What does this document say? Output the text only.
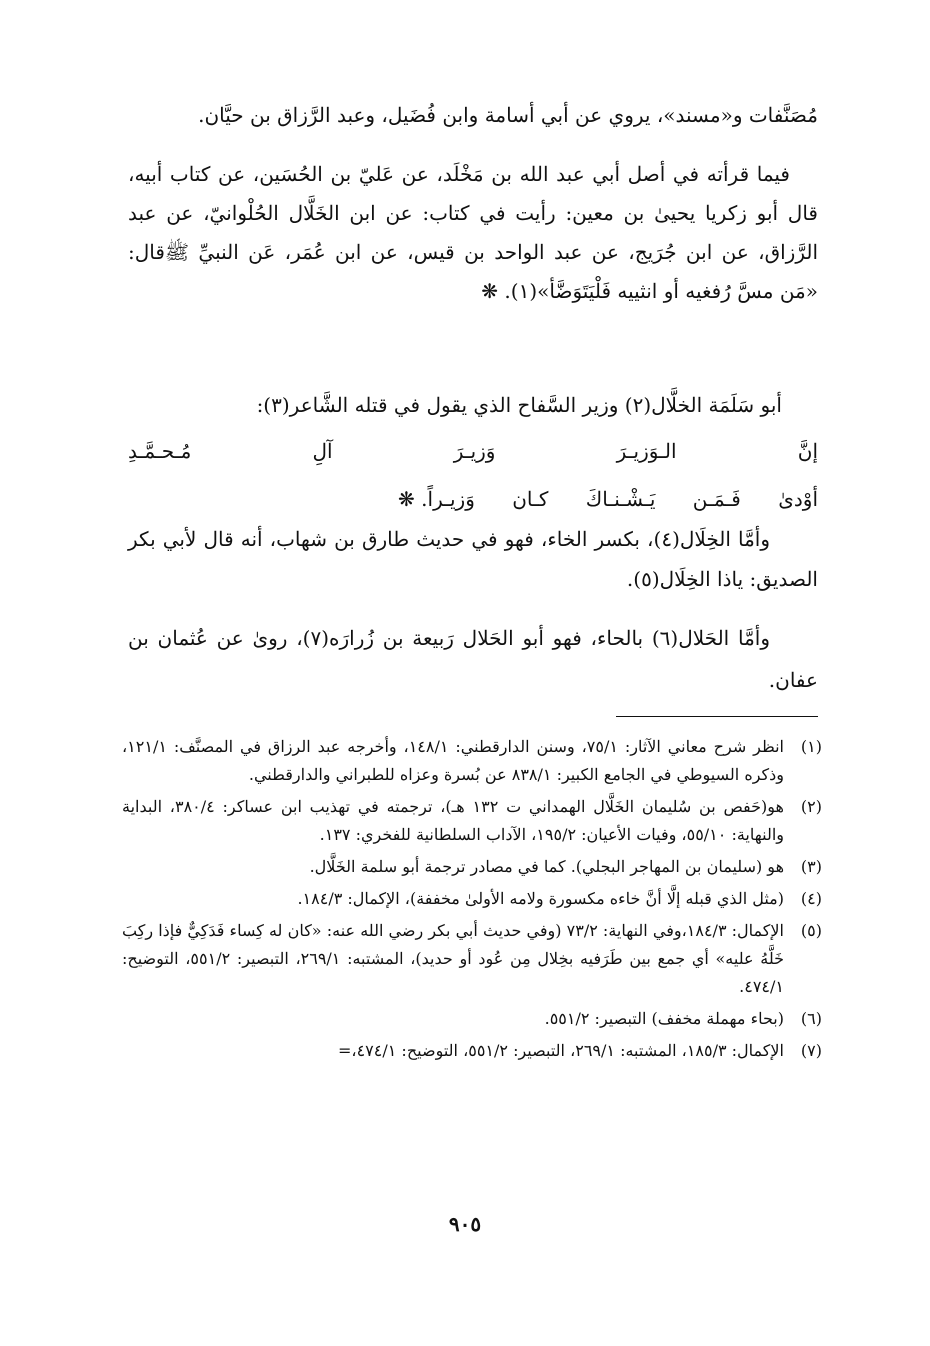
مُصَنَّفات و«مسند»، يروي عن أبي أسامة وابن فُضَيل، وعبد الرَّزاق بن حيَّان.

فيما قرأته في أصل أبي عبد الله بن مَخْلَد، عن عَليّ بن الحُسَين، عن كتاب أبيه، قال أبو زكريا يحيىٰ بن معين: رأيت في كتاب: عن ابن الخَلَّال الحُلْوانيّ، عن عبد الرَّزاق، عن ابن جُرَيج، عن عبد الواحد بن قيس، عن ابن عُمَر، عَن النبيِّ ﷺقال: «مَن مسَّ رُفغيه أو انثييه فَلْيَتَوَضَّأ»(١). ❋

أبو سَلَمَة الخلَّال(٢) وزير السَّفاح الذي يقول في قتله الشَّاعر(٣):
إنَّ
الـوَزيـرَ
وَزيـرَ
آلِ
مُـحـمَّـدِ
أوْدىٰ
فَـمَـن
يَـشْـنـاكَ
كـان
وَزيـراً. ❋

وأمَّا الخِلَال(٤)، بكسر الخاء، فهو في حديث طارق بن شهاب، أنه قال لأبي بكر الصديق: ياذا الخِلَال(٥).

وأمَّا الحَلال(٦) بالحاء، فهو أبو الحَلال رَبيعة بن زُرارَه(٧)، روىٰ عن عُثمان بن عفان.

(١)
انظر شرح معاني الآثار: ٧٥/١، وسنن الدارقطني: ١٤٨/١، وأخرجه عبد الرزاق في المصنَّف: ١٢١/١، وذكره السيوطي في الجامع الكبير: ٨٣٨/١ عن بُسرة وعزاه للطبراني والدارقطني.
(٢)
هو(حَفص بن سُليمان الخَلَّال الهمداني ت ١٣٢ هـ)، ترجمته في تهذيب ابن عساكر: ٣٨٠/٤، البداية والنهاية: ٥٥/١٠، وفيات الأعيان: ١٩٥/٢، الآداب السلطانية للفخري: ١٣٧.
(٣)
هو (سليمان بن المهاجر البجلي). كما في مصادر ترجمة أبو سلمة الخَلَّال.
(٤)
(مثل الذي قبله إلَّا أنَّ خاءه مكسورة ولامه الأولىٰ مخففة)، الإكمال: ١٨٤/٣.
(٥)
الإكمال: ١٨٤/٣،وفي النهاية: ٧٣/٢ (وفي حديث أبي بكر رضي الله عنه: «كان له كِساء فَدَكِيٌّ فإذا ركِبَ خَلَّهُ عليه» أي جمع بين طَرَفيه بخِلال مِن عُود أو حديد)، المشتبه: ٢٦٩/١، التبصير: ٥٥١/٢، التوضيح: ٤٧٤/١.
(٦)
(بحاء مهملة مخفف) التبصير: ٥٥١/٢.
(٧)
الإكمال: ١٨٥/٣، المشتبه: ٢٦٩/١، التبصير: ٥٥١/٢، التوضيح: ٤٧٤/١،=
٩٠٥
